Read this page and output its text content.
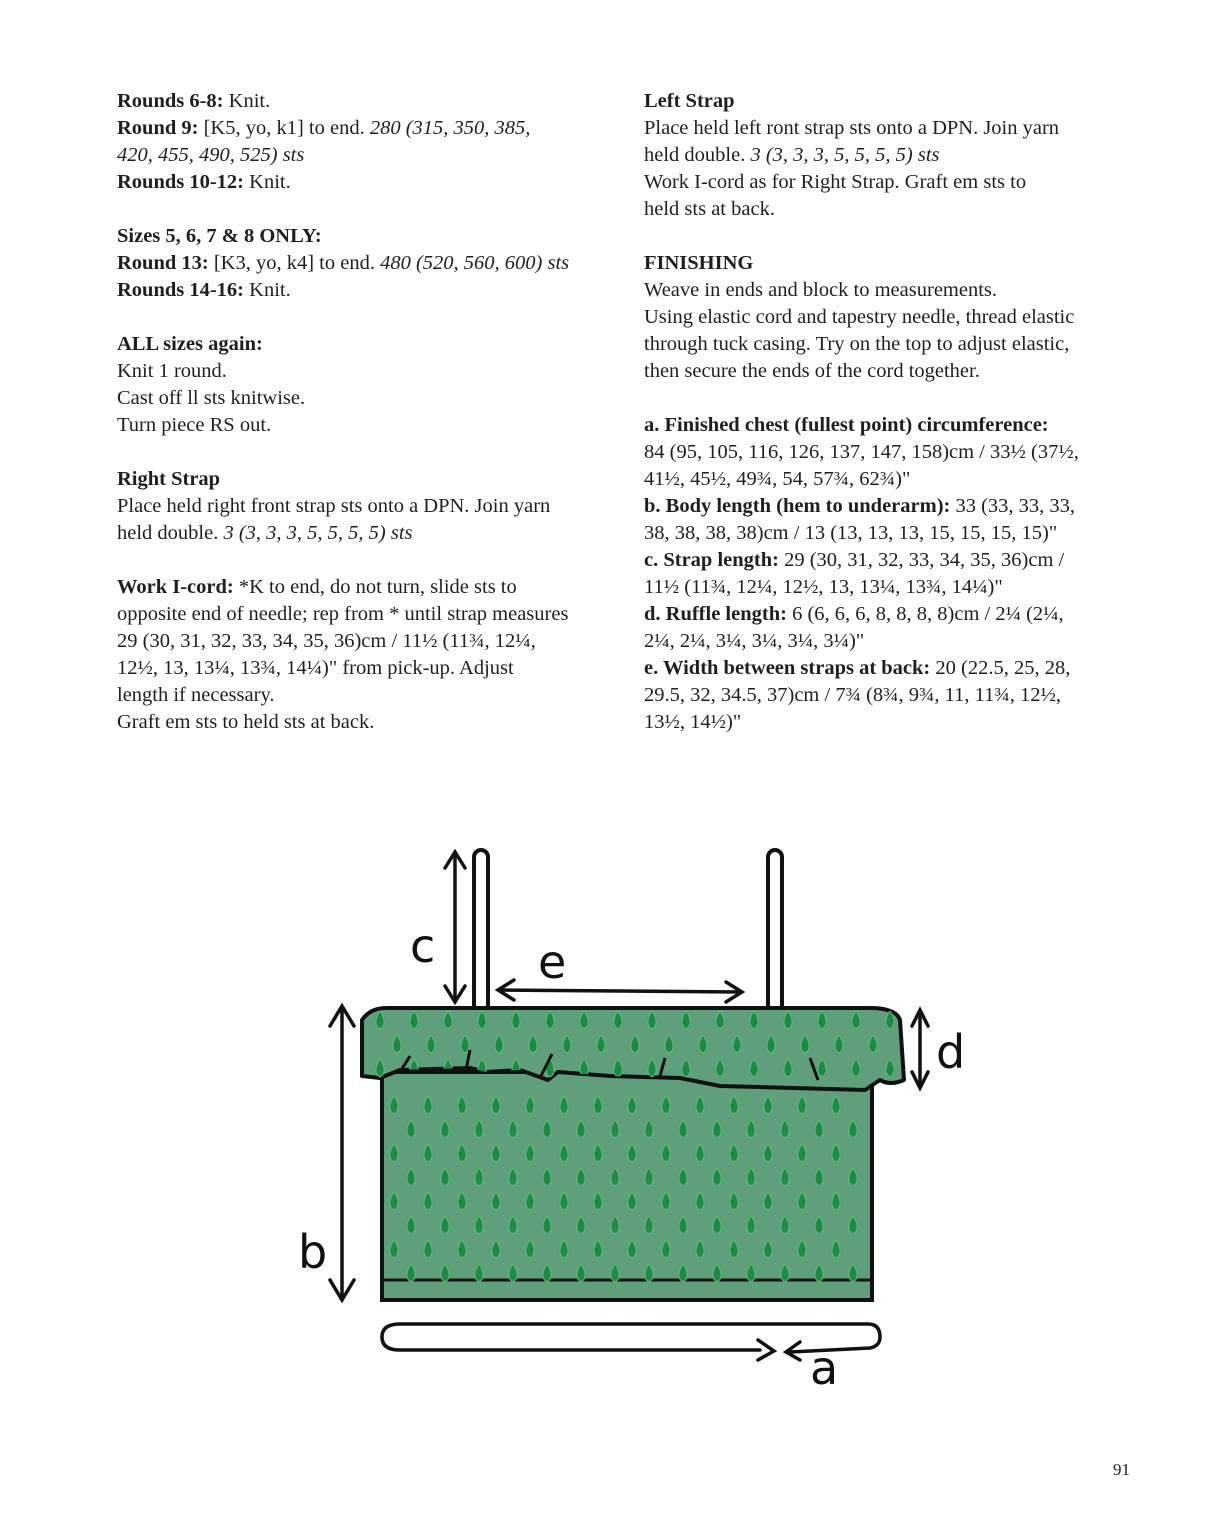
Rounds 6-8: Knit.
Round 9: [K5, yo, k1] to end. 280 (315, 350, 385,
420, 455, 490, 525) sts
Rounds 10-12: Knit.
Sizes 5, 6, 7 & 8 ONLY:
Round 13: [K3, yo, k4] to end. 480 (520, 560, 600) sts
Rounds 14-16: Knit.
ALL sizes again:
Knit 1 round.
Cast off ll sts knitwise.
Turn piece RS out.
Right Strap
Place held right front strap sts onto a DPN. Join yarn
held double. 3 (3, 3, 3, 5, 5, 5, 5) sts
Work I-cord: *K to end, do not turn, slide sts to
opposite end of needle; rep from * until strap measures
29 (30, 31, 32, 33, 34, 35, 36)cm / 11½ (11¾, 12¼,
12½, 13, 13¼, 13¾, 14¼)" from pick-up. Adjust
length if necessary.
Graft em sts to held sts at back.
Left Strap
Place held left ront strap sts onto a DPN. Join yarn
held double. 3 (3, 3, 3, 5, 5, 5, 5) sts
Work I-cord as for Right Strap. Graft em sts to
held sts at back.
FINISHING
Weave in ends and block to measurements.
Using elastic cord and tapestry needle, thread elastic
through tuck casing. Try on the top to adjust elastic,
then secure the ends of the cord together.
a. Finished chest (fullest point) circumference:
84 (95, 105, 116, 126, 137, 147, 158)cm / 33½ (37½,
41½, 45½, 49¾, 54, 57¾, 62¾)"
b. Body length (hem to underarm): 33 (33, 33, 33,
38, 38, 38, 38)cm / 13 (13, 13, 13, 15, 15, 15, 15)"
c. Strap length: 29 (30, 31, 32, 33, 34, 35, 36)cm /
11½ (11¾, 12¼, 12½, 13, 13¼, 13¾, 14¼)"
d. Ruffle length: 6 (6, 6, 6, 8, 8, 8, 8)cm / 2¼ (2¼,
2¼, 2¼, 3¼, 3¼, 3¼, 3¼)"
e. Width between straps at back: 20 (22.5, 25, 28,
29.5, 32, 34.5, 37)cm / 7¾ (8¾, 9¾, 11, 11¾, 12½,
13½, 14½)"
c e
b
d
a
91
